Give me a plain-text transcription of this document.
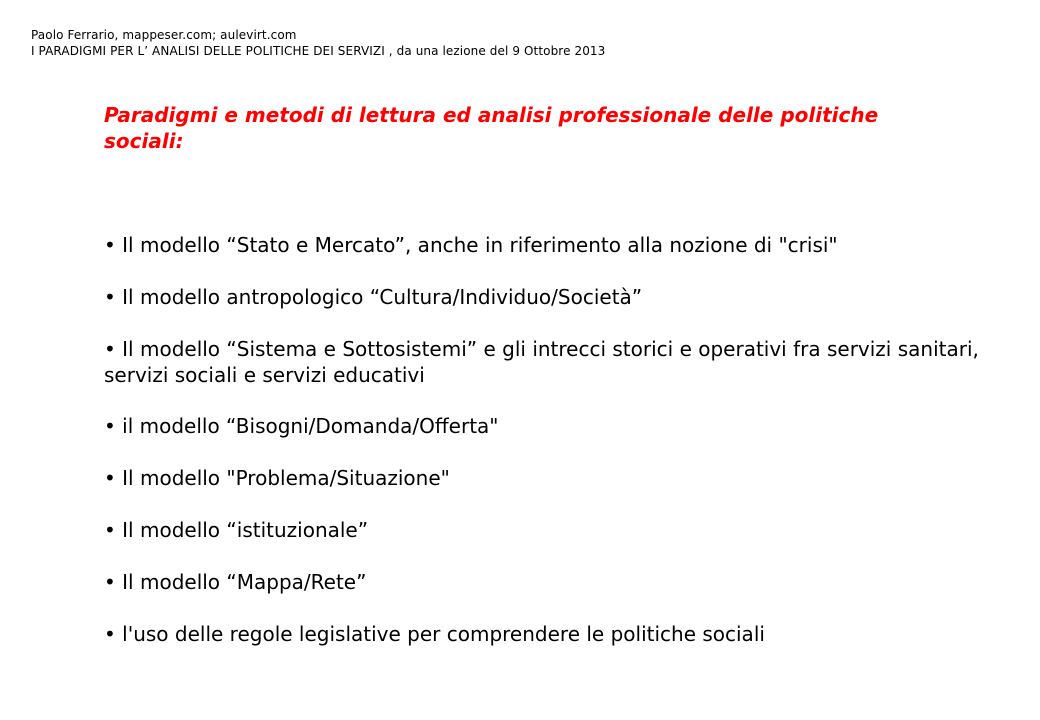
Paolo Ferrario, mappeser.com; aulevirt.com
I PARADIGMI PER L’ ANALISI DELLE POLITICHE DEI SERVIZI , da una lezione del 9 Ottobre 2013
Paradigmi e metodi di lettura ed analisi professionale delle politiche sociali:
• Il modello “Stato e Mercato”, anche in riferimento alla nozione di "crisi"
• Il modello antropologico “Cultura/Individuo/Società”
• Il modello “Sistema e Sottosistemi” e gli intrecci storici e operativi fra servizi sanitari, servizi sociali e servizi educativi
• il modello “Bisogni/Domanda/Offerta"
• Il modello "Problema/Situazione"
• Il modello “istituzionale”
• Il modello “Mappa/Rete”
• l'uso delle regole legislative per comprendere le politiche sociali
